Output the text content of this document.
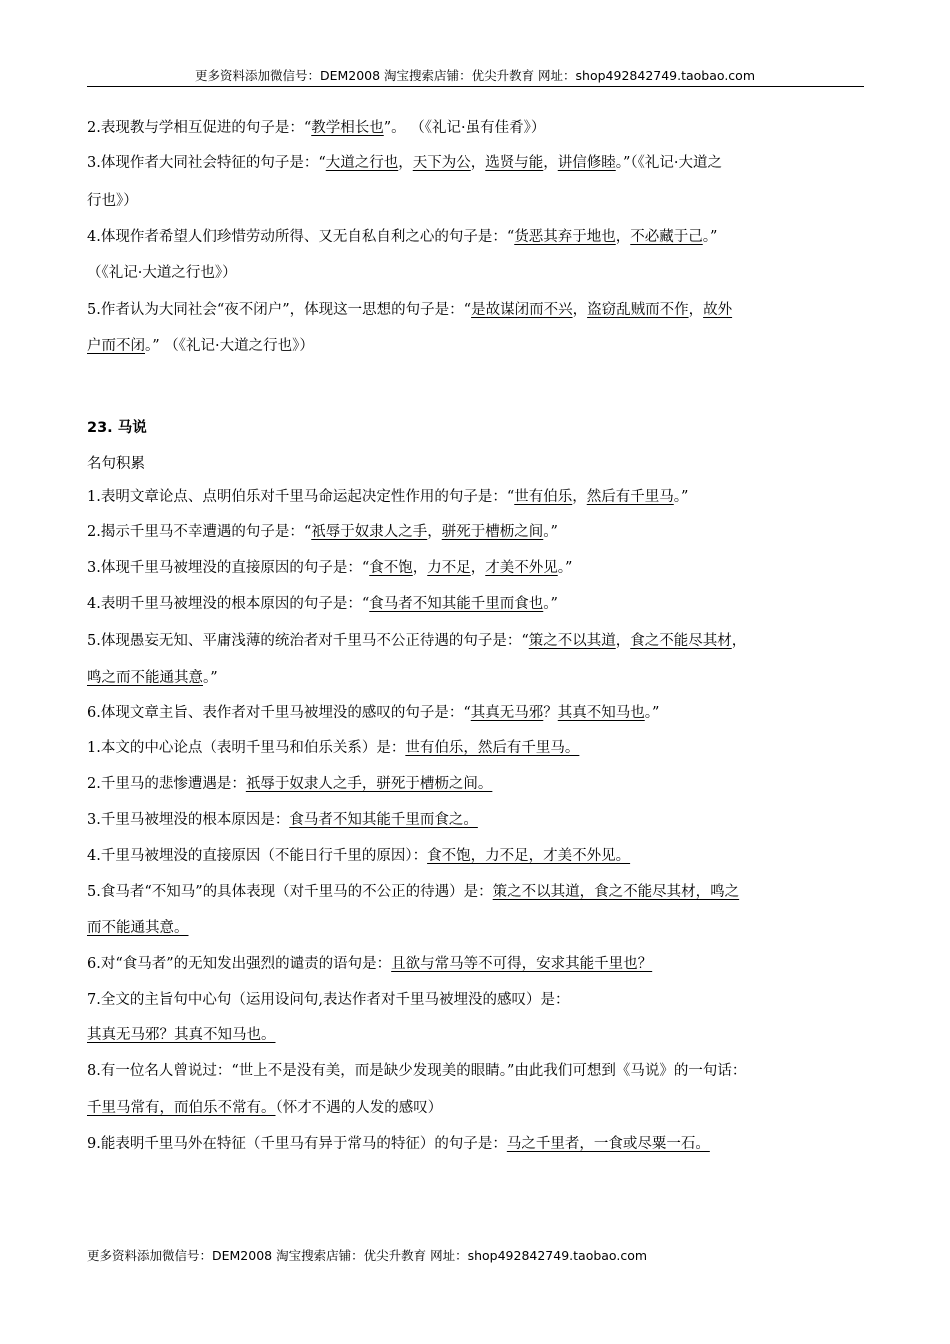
更多资料添加微信号：DEM2008 淘宝搜索店铺：优尖升教育 网址：shop492842749.taobao.com
2.表现教与学相互促进的句子是：“教学相长也”。 （《礼记·虽有佳肴》）
3.体现作者大同社会特征的句子是：“大道之行也，天下为公，选贤与能，讲信修睦。”（《礼记·大道之
行也》）
4.体现作者希望人们珍惜劳动所得、又无自私自利之心的句子是：“货恶其弃于地也，不必藏于己。”
（《礼记·大道之行也》）
5.作者认为大同社会“夜不闭户”，体现这一思想的句子是：“是故谋闭而不兴，盗窃乱贼而不作，故外
户而不闭。” （《礼记·大道之行也》）
23. 马说
名句积累
1.表明文章论点、点明伯乐对千里马命运起决定性作用的句子是：“世有伯乐，然后有千里马。”
2.揭示千里马不幸遭遇的句子是：“祇辱于奴隶人之手，骈死于槽枥之间。”
3.体现千里马被埋没的直接原因的句子是：“食不饱，力不足，才美不外见。”
4.表明千里马被埋没的根本原因的句子是：“食马者不知其能千里而食也。”
5.体现愚妄无知、平庸浅薄的统治者对千里马不公正待遇的句子是：“策之不以其道，食之不能尽其材，
鸣之而不能通其意。”
6.体现文章主旨、表作者对千里马被埋没的感叹的句子是：“其真无马邪？其真不知马也。”
1.本文的中心论点（表明千里马和伯乐关系）是：世有伯乐，然后有千里马。
2.千里马的悲惨遭遇是：祇辱于奴隶人之手，骈死于槽枥之间。
3.千里马被埋没的根本原因是：食马者不知其能千里而食之。
4.千里马被埋没的直接原因（不能日行千里的原因）：食不饱，力不足，才美不外见。
5.食马者“不知马”的具体表现（对千里马的不公正的待遇）是：策之不以其道，食之不能尽其材，鸣之
而不能通其意。
6.对“食马者”的无知发出强烈的谴责的语句是：且欲与常马等不可得，安求其能千里也？
7.全文的主旨句中心句（运用设问句,表达作者对千里马被埋没的感叹）是：
其真无马邪？其真不知马也。
8.有一位名人曾说过：“世上不是没有美，而是缺少发现美的眼睛。”由此我们可想到《马说》的一句话：
千里马常有，而伯乐不常有。（怀才不遇的人发的感叹）
9.能表明千里马外在特征（千里马有异于常马的特征）的句子是：马之千里者，一食或尽粟一石。
更多资料添加微信号：DEM2008 淘宝搜索店铺：优尖升教育 网址：shop492842749.taobao.com
